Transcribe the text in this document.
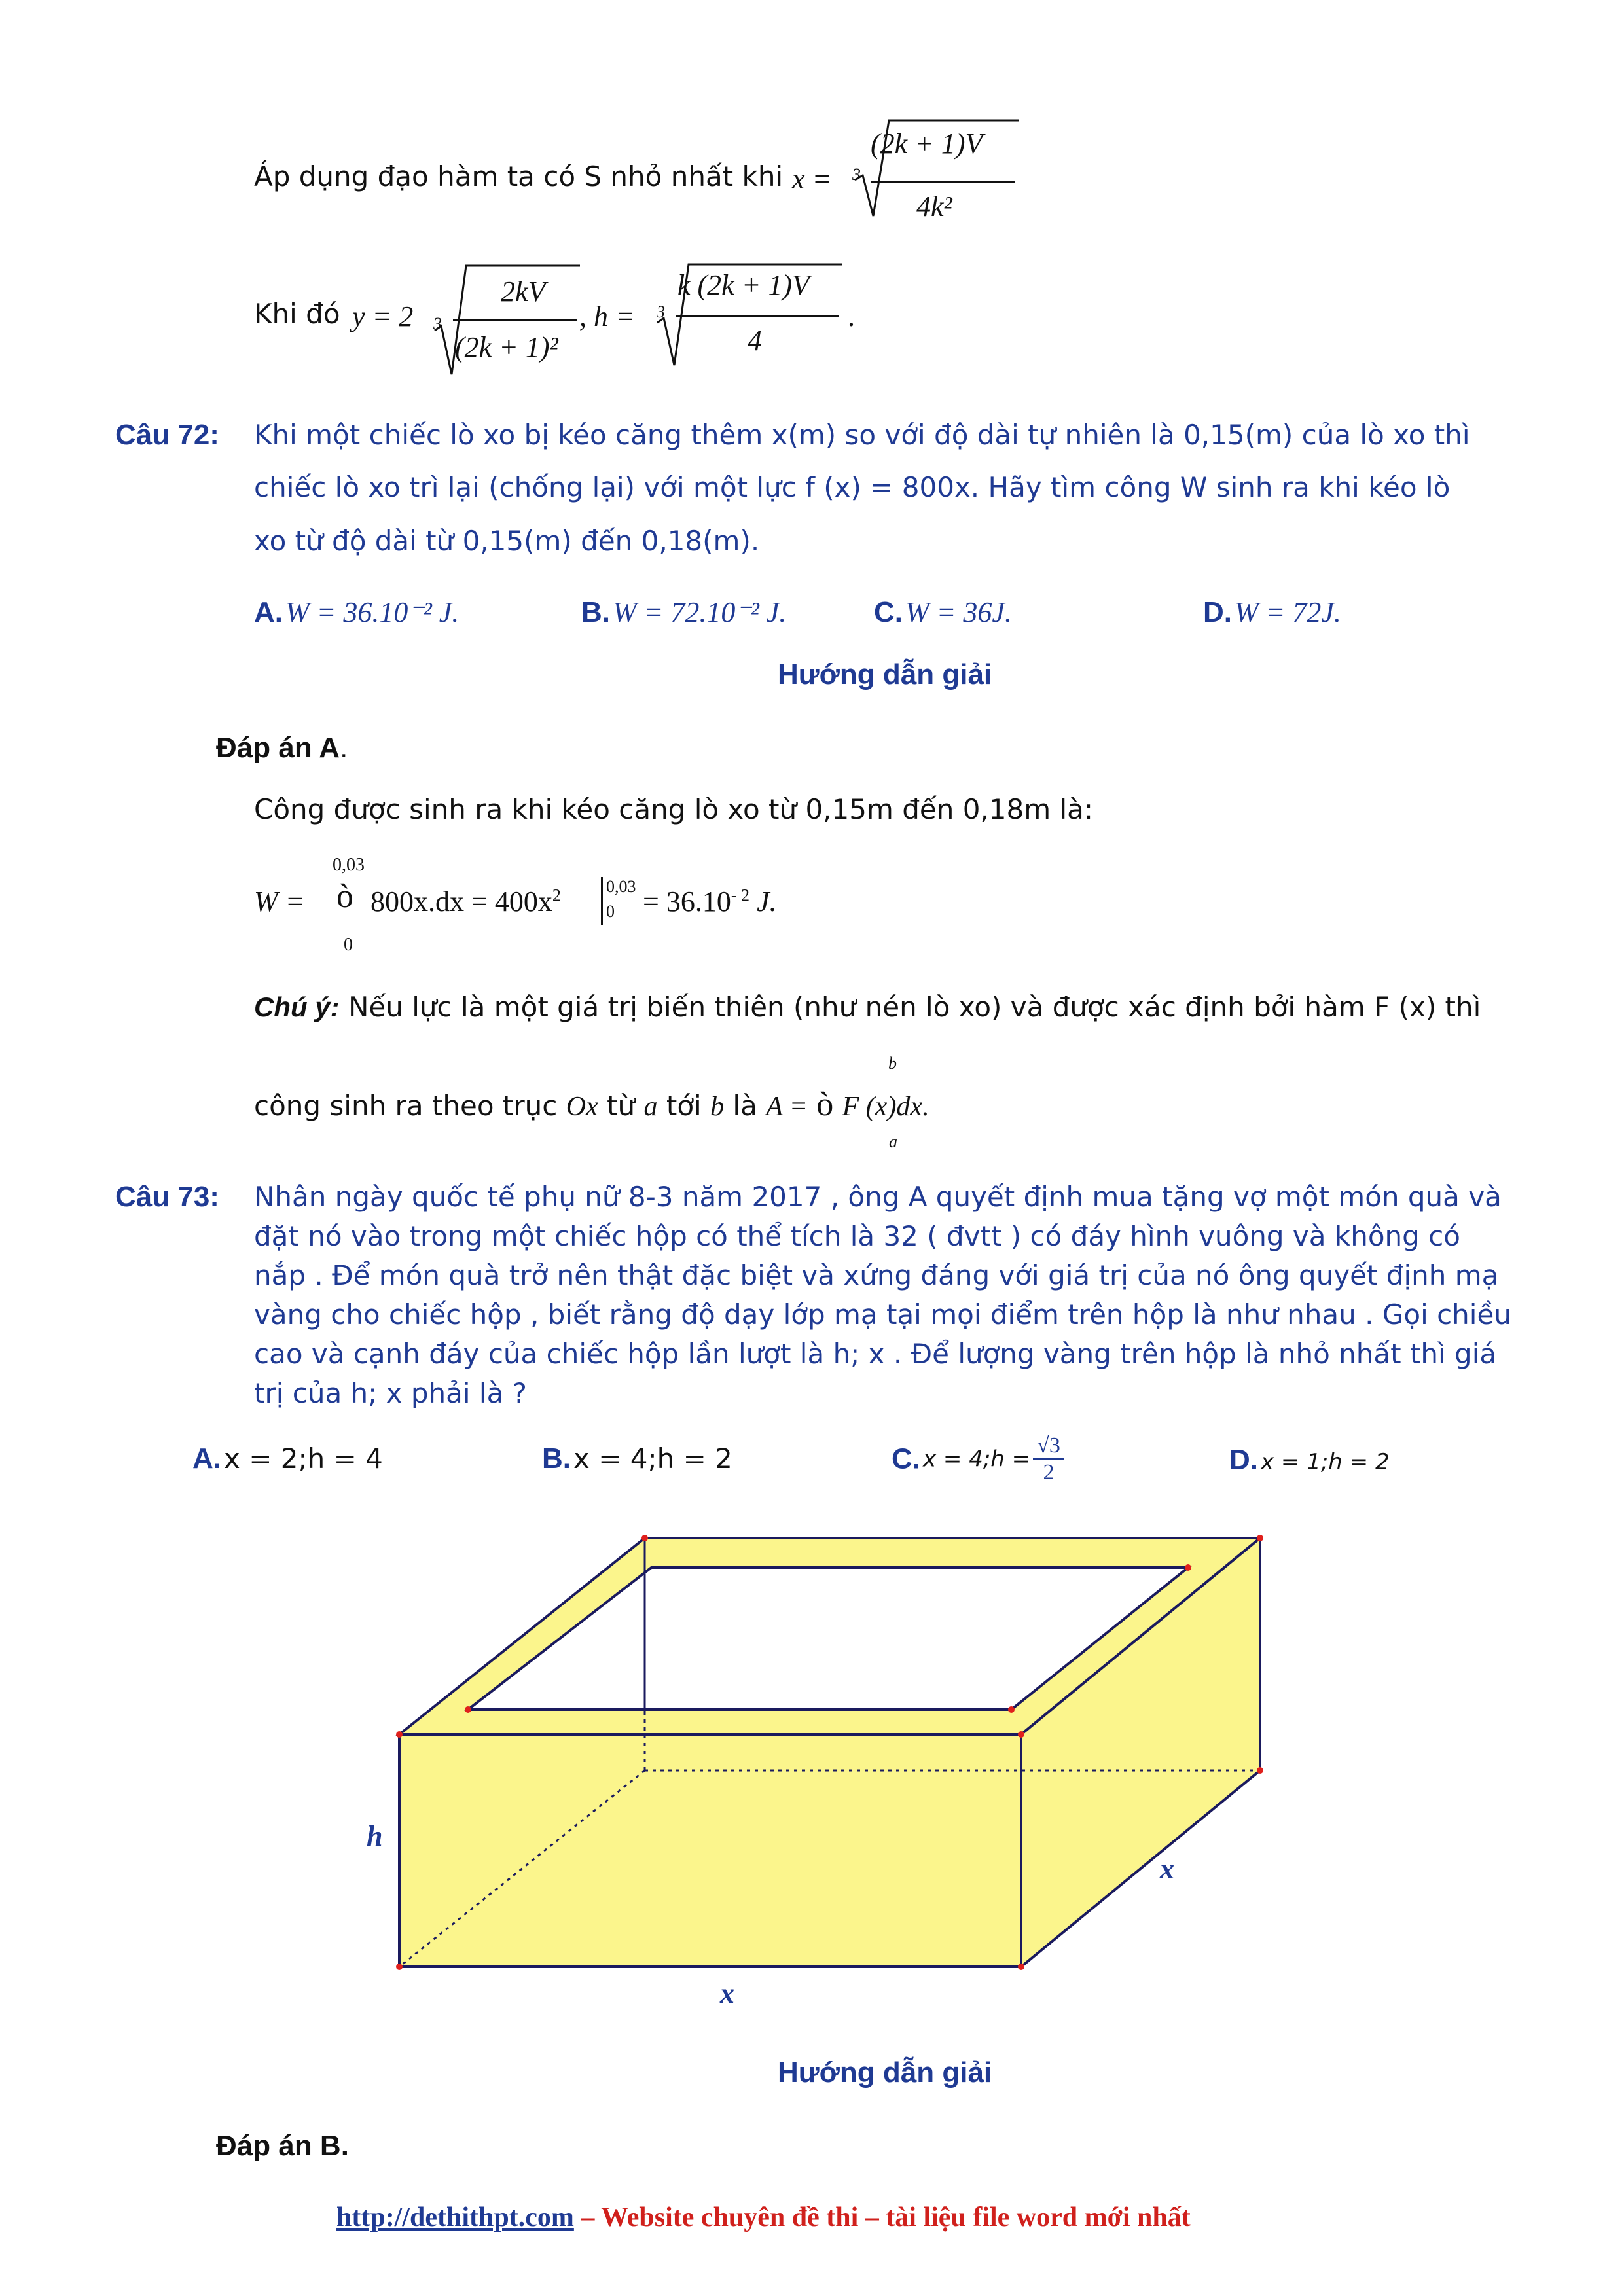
Áp dụng đạo hàm ta có S nhỏ nhất khi x = 3
(2k + 1)V
4k²
Khi đó y = 2 3
2kV
(2k + 1)²
, h = 3
k (2k + 1)V
4
.
Câu 72: Khi một chiếc lò xo bị kéo căng thêm x(m) so với độ dài tự nhiên là 0,15(m) của lò xo thì
chiếc lò xo trì lại (chống lại) với một lực f (x) = 800x. Hãy tìm công W sinh ra khi kéo lò
xo từ độ dài từ 0,15(m) đến 0,18(m).
A. W = 36.10⁻² J.	B. W = 72.10⁻² J.	C. W = 36J.	D. W = 72J.
Hướng dẫn giải
Đáp án A.
Công được sinh ra khi kéo căng lò xo từ 0,15m đến 0,18m là:
0,03
W = ò
0
$800x.dx = 400x^2$	0,03
$0 = 36.10^{- 2}$ J.
Chú ý: Nếu lực là một giá trị biến thiên (như nén lò xo) và được xác định bởi hàm F (x) thì
b
công sinh ra theo trục Ox từ a tới b là A = ò F (x)dx.
a
Câu 73: Nhân ngày quốc tế phụ nữ 8-3 năm 2017 , ông A quyết định mua tặng vợ một món quà và
đặt nó vào trong một chiếc hộp có thể tích là 32 ( đvtt ) có đáy hình vuông và không có
nắp . Để món quà trở nên thật đặc biệt và xứng đáng với giá trị của nó ông quyết định mạ
vàng cho chiếc hộp , biết rằng độ dạy lớp mạ tại mọi điểm trên hộp là như nhau . Gọi chiều
cao và cạnh đáy của chiếc hộp lần lượt là h; x . Để lượng vàng trên hộp là nhỏ nhất thì giá
trị của h; x phải là ?
A. x = 2;h = 4	B. x = 4;h = 2	C. x = 4;h = $\frac{√3}{2}$	D. x = 1;h = 2
h
x
x
Hướng dẫn giải
Đáp án B.
http://dethithpt.com – Website chuyên đề thi – tài liệu file word mới nhất
